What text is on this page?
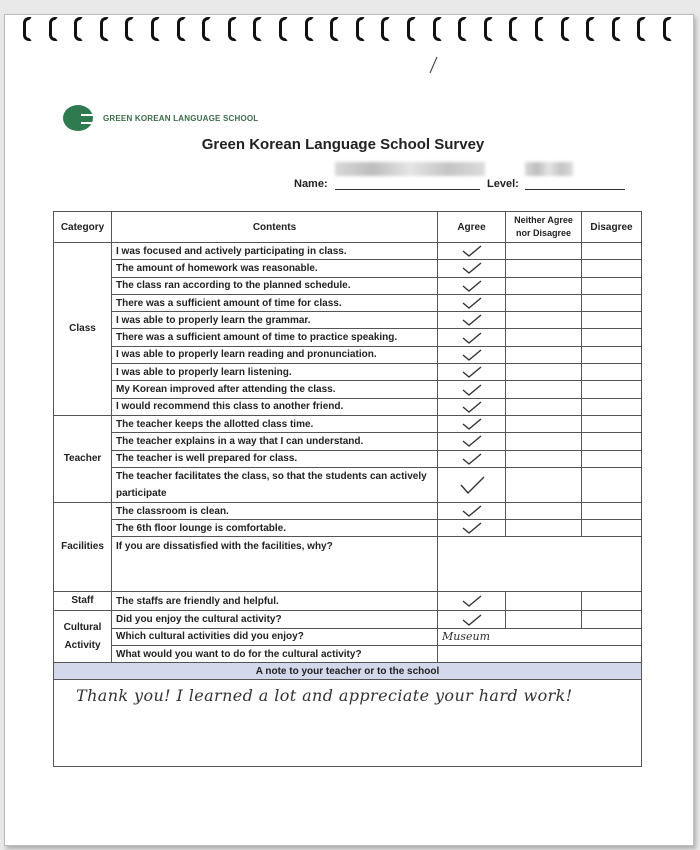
GREEN KOREAN LANGUAGE SCHOOL
Green Korean Language School Survey
Name:	Level:
Category	Contents	Agree	Neither Agree nor Disagree	Disagree
Class	I was focused and actively participating in class.	

	The amount of homework was reasonable.	

	The class ran according to the planned schedule.	

	There was a sufficient amount of time for class.	

	I was able to properly learn the grammar.	

	There was a sufficient amount of time to practice speaking.	

	I was able to properly learn reading and pronunciation.	

	I was able to properly learn listening.	

	My Korean improved after attending the class.	

	I would recommend this class to another friend.	

Teacher	The teacher keeps the allotted class time.	

	The teacher explains in a way that I can understand.	

	The teacher is well prepared for class.	

	The teacher facilitates the class, so that the students can actively participate	

Facilities	The classroom is clean.	

	The 6th floor lounge is comfortable.	

	If you are dissatisfied with the facilities, why?			
Staff	The staffs are friendly and helpful.	

Cultural Activity	Did you enjoy the cultural activity?	

	Which cultural activities did you enjoy?	Museum		
	What would you want to do for the cultural activity?			
A note to your teacher or to the school				
Thank you! I learned a lot and appreciate your hard work!				
